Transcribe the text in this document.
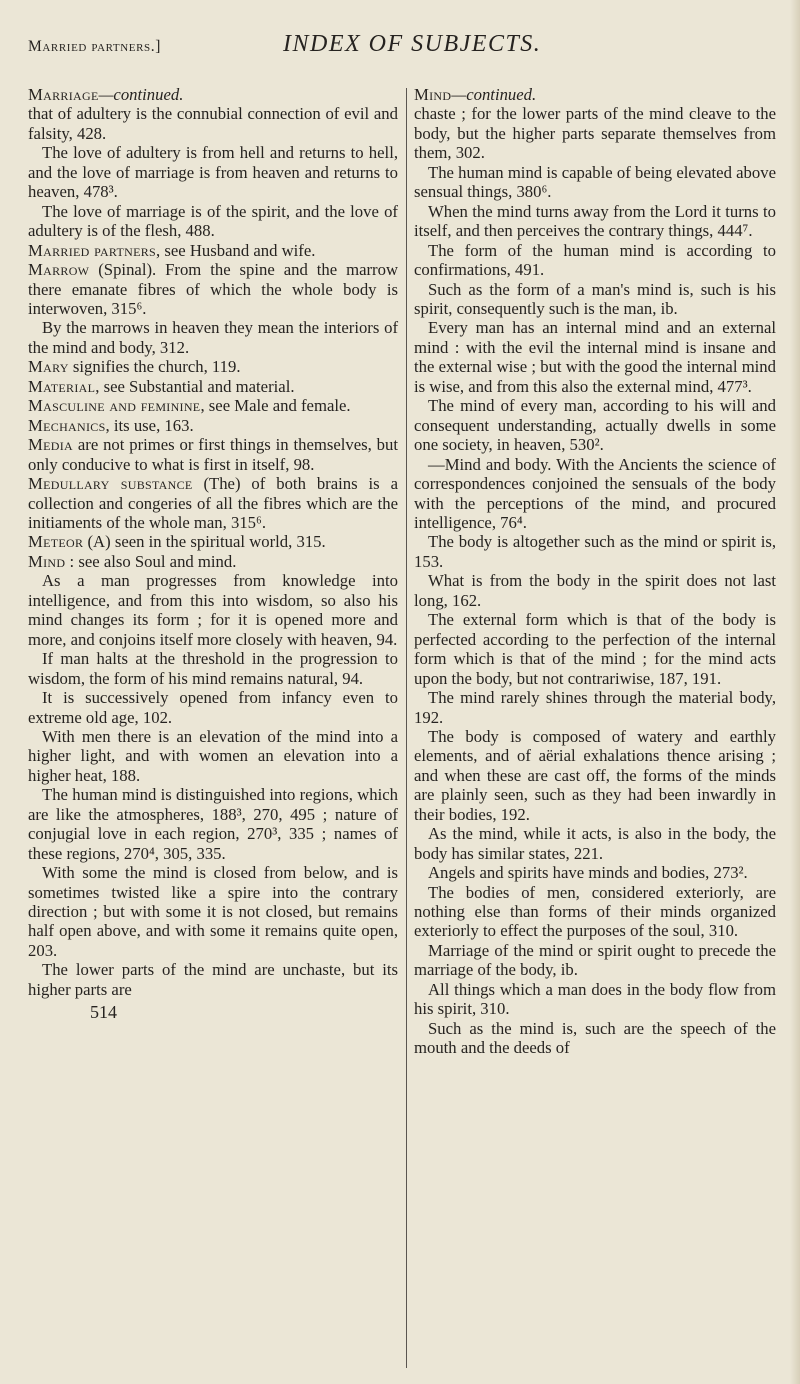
Married partners.]	INDEX OF SUBJECTS.

Marriage—continued.

that of adultery is the connubial connection of evil and falsity, 428.

The love of adultery is from hell and returns to hell, and the love of marriage is from heaven and returns to heaven, 478³.

The love of marriage is of the spirit, and the love of adultery is of the flesh, 488.

Married partners, see Husband and wife.

Marrow (Spinal). From the spine and the marrow there emanate fibres of which the whole body is interwoven, 315⁶.

By the marrows in heaven they mean the interiors of the mind and body, 312.

Mary signifies the church, 119.

Material, see Substantial and material.

Masculine and feminine, see Male and female.

Mechanics, its use, 163.

Media are not primes or first things in themselves, but only conducive to what is first in itself, 98.

Medullary substance (The) of both brains is a collection and congeries of all the fibres which are the initiaments of the whole man, 315⁶.

Meteor (A) seen in the spiritual world, 315.

Mind : see also Soul and mind.

As a man progresses from knowledge into intelligence, and from this into wisdom, so also his mind changes its form ; for it is opened more and more, and conjoins itself more closely with heaven, 94.

If man halts at the threshold in the progression to wisdom, the form of his mind remains natural, 94.

It is successively opened from infancy even to extreme old age, 102.

With men there is an elevation of the mind into a higher light, and with women an elevation into a higher heat, 188.

The human mind is distinguished into regions, which are like the atmospheres, 188³, 270, 495 ; nature of conjugial love in each region, 270³, 335 ; names of these regions, 270⁴, 305, 335.

With some the mind is closed from below, and is sometimes twisted like a spire into the contrary direction ; but with some it is not closed, but remains half open above, and with some it remains quite open, 203.

The lower parts of the mind are unchaste, but its higher parts are

514

Mind—continued.

chaste ; for the lower parts of the mind cleave to the body, but the higher parts separate themselves from them, 302.

The human mind is capable of being elevated above sensual things, 380⁶.

When the mind turns away from the Lord it turns to itself, and then perceives the contrary things, 444⁷.

The form of the human mind is according to confirmations, 491.

Such as the form of a man's mind is, such is his spirit, consequently such is the man, ib.

Every man has an internal mind and an external mind : with the evil the internal mind is insane and the external wise ; but with the good the internal mind is wise, and from this also the external mind, 477³.

The mind of every man, according to his will and consequent understanding, actually dwells in some one society, in heaven, 530².

—Mind and body. With the Ancients the science of correspondences conjoined the sensuals of the body with the perceptions of the mind, and procured intelligence, 76⁴.

The body is altogether such as the mind or spirit is, 153.

What is from the body in the spirit does not last long, 162.

The external form which is that of the body is perfected according to the perfection of the internal form which is that of the mind ; for the mind acts upon the body, but not contrariwise, 187, 191.

The mind rarely shines through the material body, 192.

The body is composed of watery and earthly elements, and of aërial exhalations thence arising ; and when these are cast off, the forms of the minds are plainly seen, such as they had been inwardly in their bodies, 192.

As the mind, while it acts, is also in the body, the body has similar states, 221.

Angels and spirits have minds and bodies, 273².

The bodies of men, considered exteriorly, are nothing else than forms of their minds organized exteriorly to effect the purposes of the soul, 310.

Marriage of the mind or spirit ought to precede the marriage of the body, ib.

All things which a man does in the body flow from his spirit, 310.

Such as the mind is, such are the speech of the mouth and the deeds of
